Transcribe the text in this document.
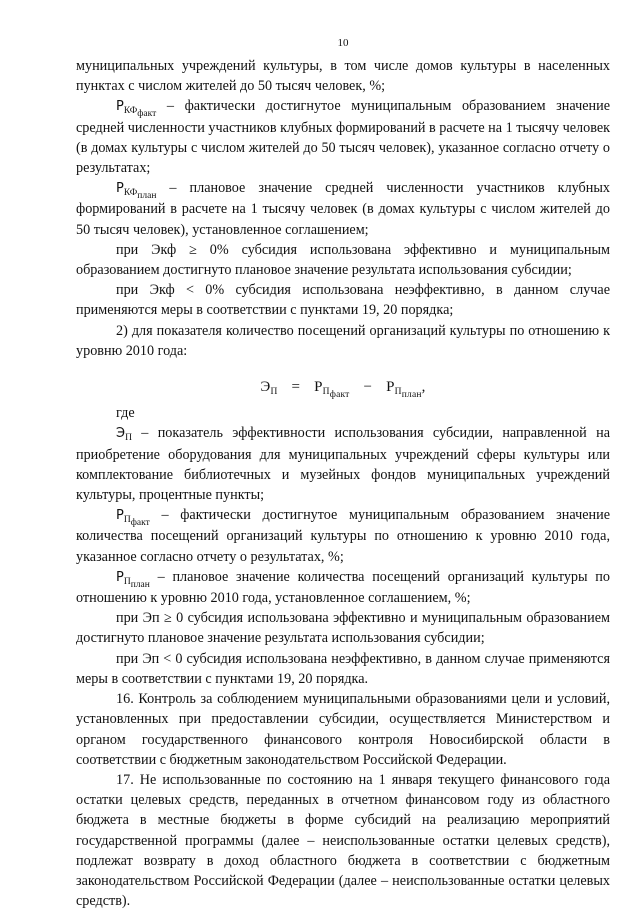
10

муниципальных учреждений культуры, в том числе домов культуры в населенных пунктах с числом жителей до 50 тысяч человек, %;

$Р_{КФ_{факт}}$ – фактически достигнутое муниципальным образованием значение средней численности участников клубных формирований в расчете на 1 тысячу человек (в домах культуры с числом жителей до 50 тысяч человек), указанное согласно отчету о результатах;

$Р_{КФ_{план}}$ – плановое значение средней численности участников клубных формирований в расчете на 1 тысячу человек (в домах культуры с числом жителей до 50 тысяч человек), установленное соглашением;

при Экф ≥ 0% субсидия использована эффективно и муниципальным образованием достигнуто плановое значение результата использования субсидии;

при Экф < 0% субсидия использована неэффективно, в данном случае применяются меры в соответствии с пунктами 19, 20 порядка;

2) для показателя количество посещений организаций культуры по отношению к уровню 2010 года:

$Э_П = Р_{П_{факт}} - Р_{П_{план}}$,

где

$Э_П$ – показатель эффективности использования субсидии, направленной на приобретение оборудования для муниципальных учреждений сферы культуры или комплектование библиотечных и музейных фондов муниципальных учреждений культуры, процентные пункты;

$Р_{П_{факт}}$ – фактически достигнутое муниципальным образованием значение количества посещений организаций культуры по отношению к уровню 2010 года, указанное согласно отчету о результатах, %;

$Р_{П_{план}}$ – плановое значение количества посещений организаций культуры по отношению к уровню 2010 года, установленное соглашением, %;

при Эп ≥ 0 субсидия использована эффективно и муниципальным образованием достигнуто плановое значение результата использования субсидии;

при Эп < 0 субсидия использована неэффективно, в данном случае применяются меры в соответствии с пунктами 19, 20 порядка.

16. Контроль за соблюдением муниципальными образованиями цели и условий, установленных при предоставлении субсидии, осуществляется Министерством и органом государственного финансового контроля Новосибирской области в соответствии с бюджетным законодательством Российской Федерации.

17. Не использованные по состоянию на 1 января текущего финансового года остатки целевых средств, переданных в отчетном финансовом году из областного бюджета в местные бюджеты в форме субсидий на реализацию мероприятий государственной программы (далее – неиспользованные остатки целевых средств), подлежат возврату в доход областного бюджета в соответствии с бюджетным законодательством Российской Федерации (далее – неиспользованные остатки целевых средств).
